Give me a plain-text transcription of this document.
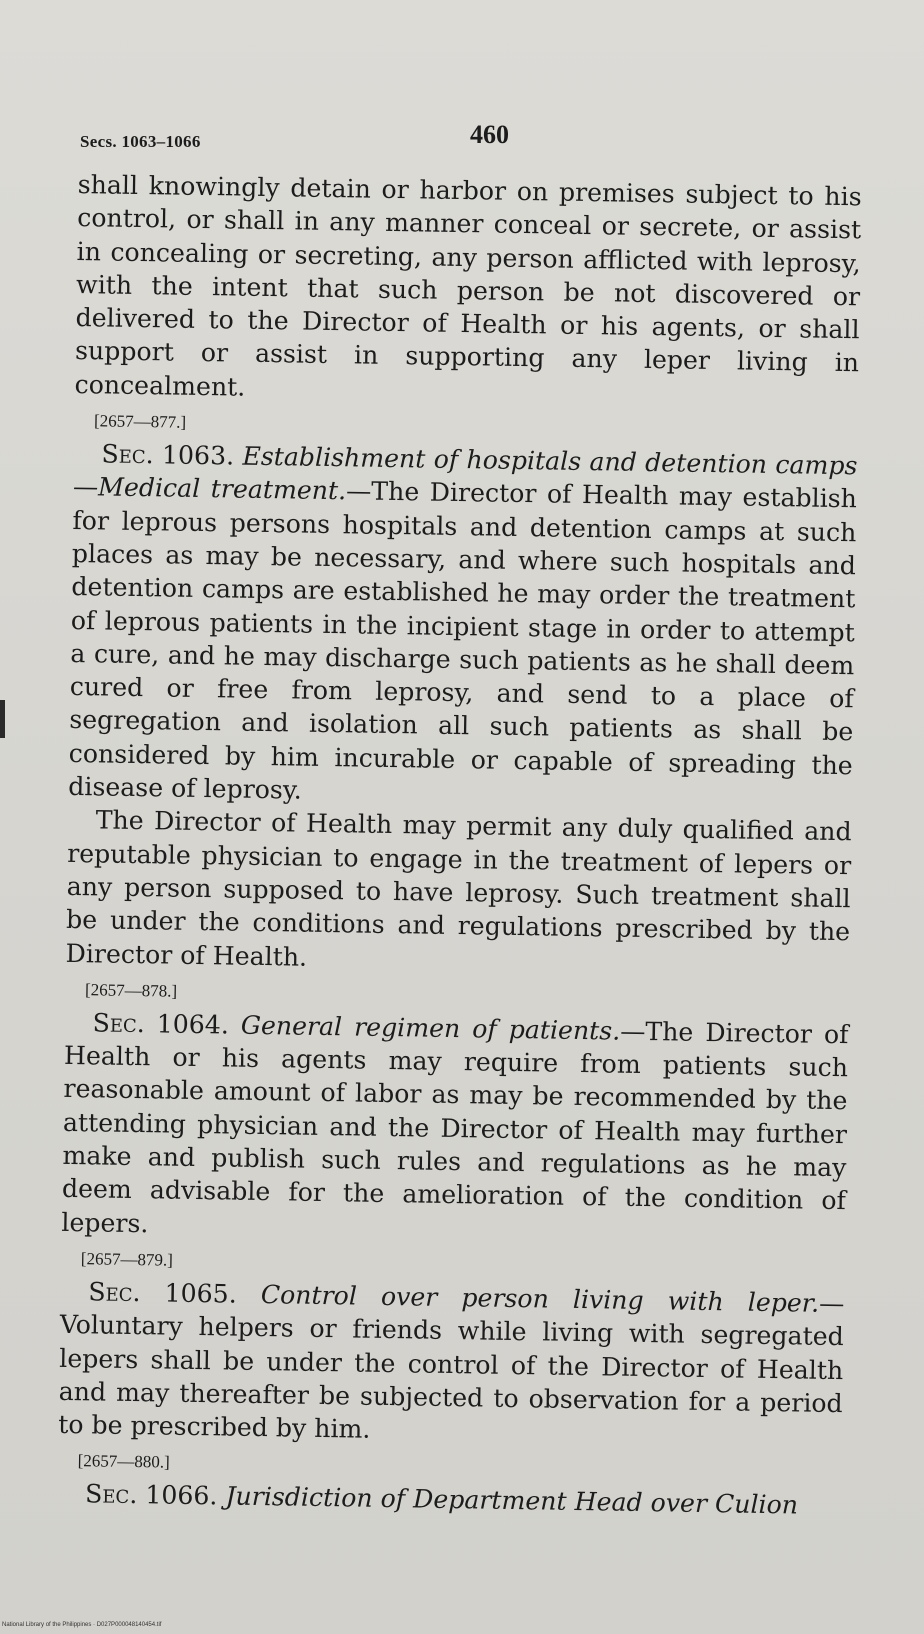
Secs. 1063–1066	460

shall knowingly detain or harbor on premises subject to his control, or shall in any manner conceal or secrete, or assist in concealing or secreting, any person afflicted with leprosy, with the intent that such person be not discovered or delivered to the Director of Health or his agents, or shall support or assist in supporting any leper living in concealment.

[2657—877.]

Sec. 1063. Establishment of hospitals and detention camps—Medical treatment.—The Director of Health may establish for leprous persons hospitals and detention camps at such places as may be necessary, and where such hospitals and detention camps are established he may order the treatment of leprous patients in the incipient stage in order to attempt a cure, and he may discharge such patients as he shall deem cured or free from leprosy, and send to a place of segregation and isolation all such patients as shall be considered by him incurable or capable of spreading the disease of leprosy.

The Director of Health may permit any duly qualified and reputable physician to engage in the treatment of lepers or any person supposed to have leprosy. Such treatment shall be under the conditions and regulations prescribed by the Director of Health.

[2657—878.]

Sec. 1064. General regimen of patients.—The Director of Health or his agents may require from patients such reasonable amount of labor as may be recommended by the attending physician and the Director of Health may further make and publish such rules and regulations as he may deem advisable for the amelioration of the condition of lepers.

[2657—879.]

Sec. 1065. Control over person living with leper.—Voluntary helpers or friends while living with segregated lepers shall be under the control of the Director of Health and may thereafter be subjected to observation for a period to be prescribed by him.

[2657—880.]

Sec. 1066. Jurisdiction of Department Head over Culion

National Library of the Philippines · D027P000048140454.tif
